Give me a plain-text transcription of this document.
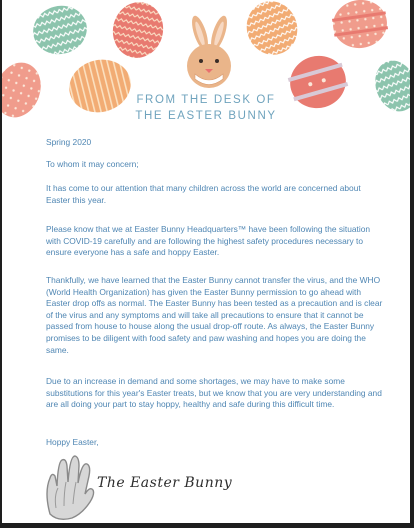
FROM THE DESK OF
THE EASTER BUNNY
Spring 2020
To whom it may concern;
It has come to our attention that many children across the world are concerned about Easter this year.
Please know that we at Easter Bunny Headquarters™ have been following the situation with COVID-19 carefully and are following the highest safety procedures necessary to ensure everyone has a safe and hoppy Easter.
Thankfully, we have learned that the Easter Bunny cannot transfer the virus, and the WHO (World Health Organization) has given the Easter Bunny permission to go ahead with Easter drop offs as normal. The Easter Bunny has been tested as a precaution and is clear of the virus and any symptoms and will take all precautions to ensure that it cannot be passed from house to house along the usual drop-off route. As always, the Easter Bunny promises to be diligent with food safety and paw washing and hopes you are doing the same.
Due to an increase in demand and some shortages, we may have to make some substitutions for this year's Easter treats, but we know that you are very understanding and are all doing your part to stay hoppy, healthy and safe during this difficult time.
Hoppy Easter,
The Easter Bunny
